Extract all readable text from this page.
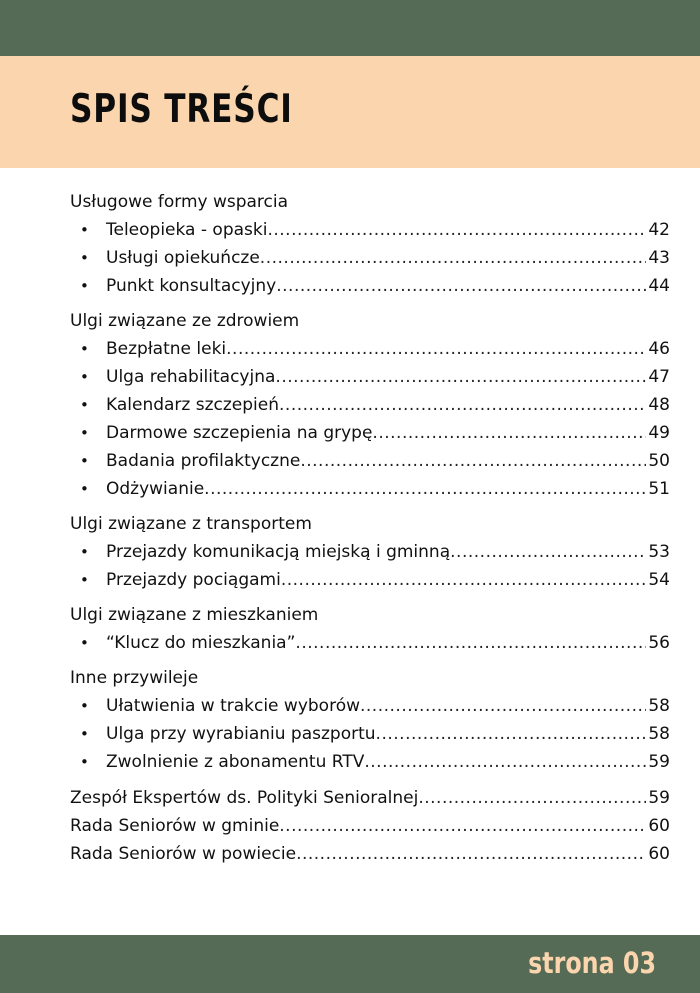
SPIS TREŚCI
Usługowe formy wsparcia
• Teleopieka - opaski .....	42
• Usługi opiekuńcze .....	43
• Punkt konsultacyjny .....	44
Ulgi związane ze zdrowiem
• Bezpłatne leki .....	46
• Ulga rehabilitacyjna .....	47
• Kalendarz szczepień .....	48
• Darmowe szczepienia na grypę .....	49
• Badania profilaktyczne .....	50
• Odżywianie .....	51
Ulgi związane z transportem
• Przejazdy komunikacją miejską i gminną .....	53
• Przejazdy pociągami .....	54
Ulgi związane z mieszkaniem
• “Klucz do mieszkania” .....	56
Inne przywileje
• Ułatwienia w trakcie wyborów .....	58
• Ulga przy wyrabianiu paszportu .....	58
• Zwolnienie z abonamentu RTV .....	59
Zespół Ekspertów ds. Polityki Senioralnej .....	59
Rada Seniorów w gminie .....	60
Rada Seniorów w powiecie .....	60
strona 03
